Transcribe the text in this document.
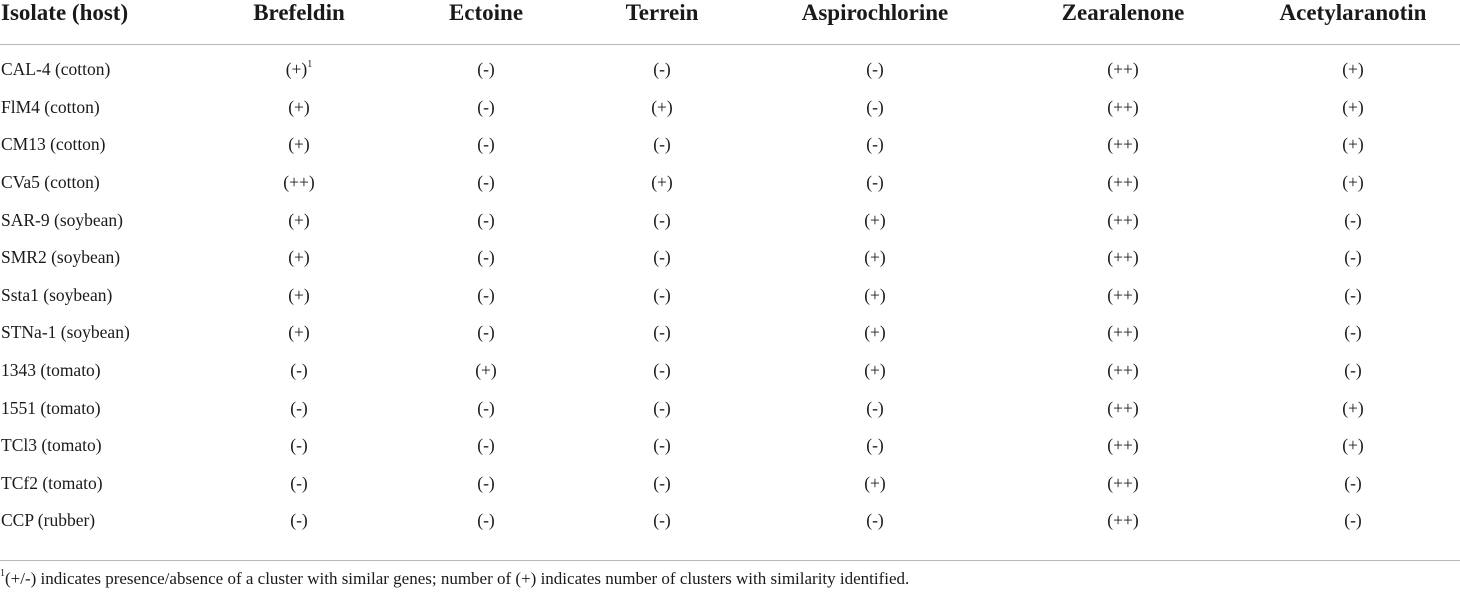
Isolate (host)	Brefeldin	Ectoine	Terrein	Aspirochlorine	Zearalenone	Acetylaranotin
CAL-4 (cotton)	$(+)^1$	(-)	(-)	(-)	(++)	(+)
FlM4 (cotton)	(+)	(-)	(+)	(-)	(++)	(+)
CM13 (cotton)	(+)	(-)	(-)	(-)	(++)	(+)
CVa5 (cotton)	(++)	(-)	(+)	(-)	(++)	(+)
SAR-9 (soybean)	(+)	(-)	(-)	(+)	(++)	(-)
SMR2 (soybean)	(+)	(-)	(-)	(+)	(++)	(-)
Ssta1 (soybean)	(+)	(-)	(-)	(+)	(++)	(-)
STNa-1 (soybean)	(+)	(-)	(-)	(+)	(++)	(-)
1343 (tomato)	(-)	(+)	(-)	(+)	(++)	(-)
1551 (tomato)	(-)	(-)	(-)	(-)	(++)	(+)
TCl3 (tomato)	(-)	(-)	(-)	(-)	(++)	(+)
TCf2 (tomato)	(-)	(-)	(-)	(+)	(++)	(-)
CCP (rubber)	(-)	(-)	(-)	(-)	(++)	(-)
$^1$(+/-) indicates presence/absence of a cluster with similar genes; number of (+) indicates number of clusters with similarity identified.
